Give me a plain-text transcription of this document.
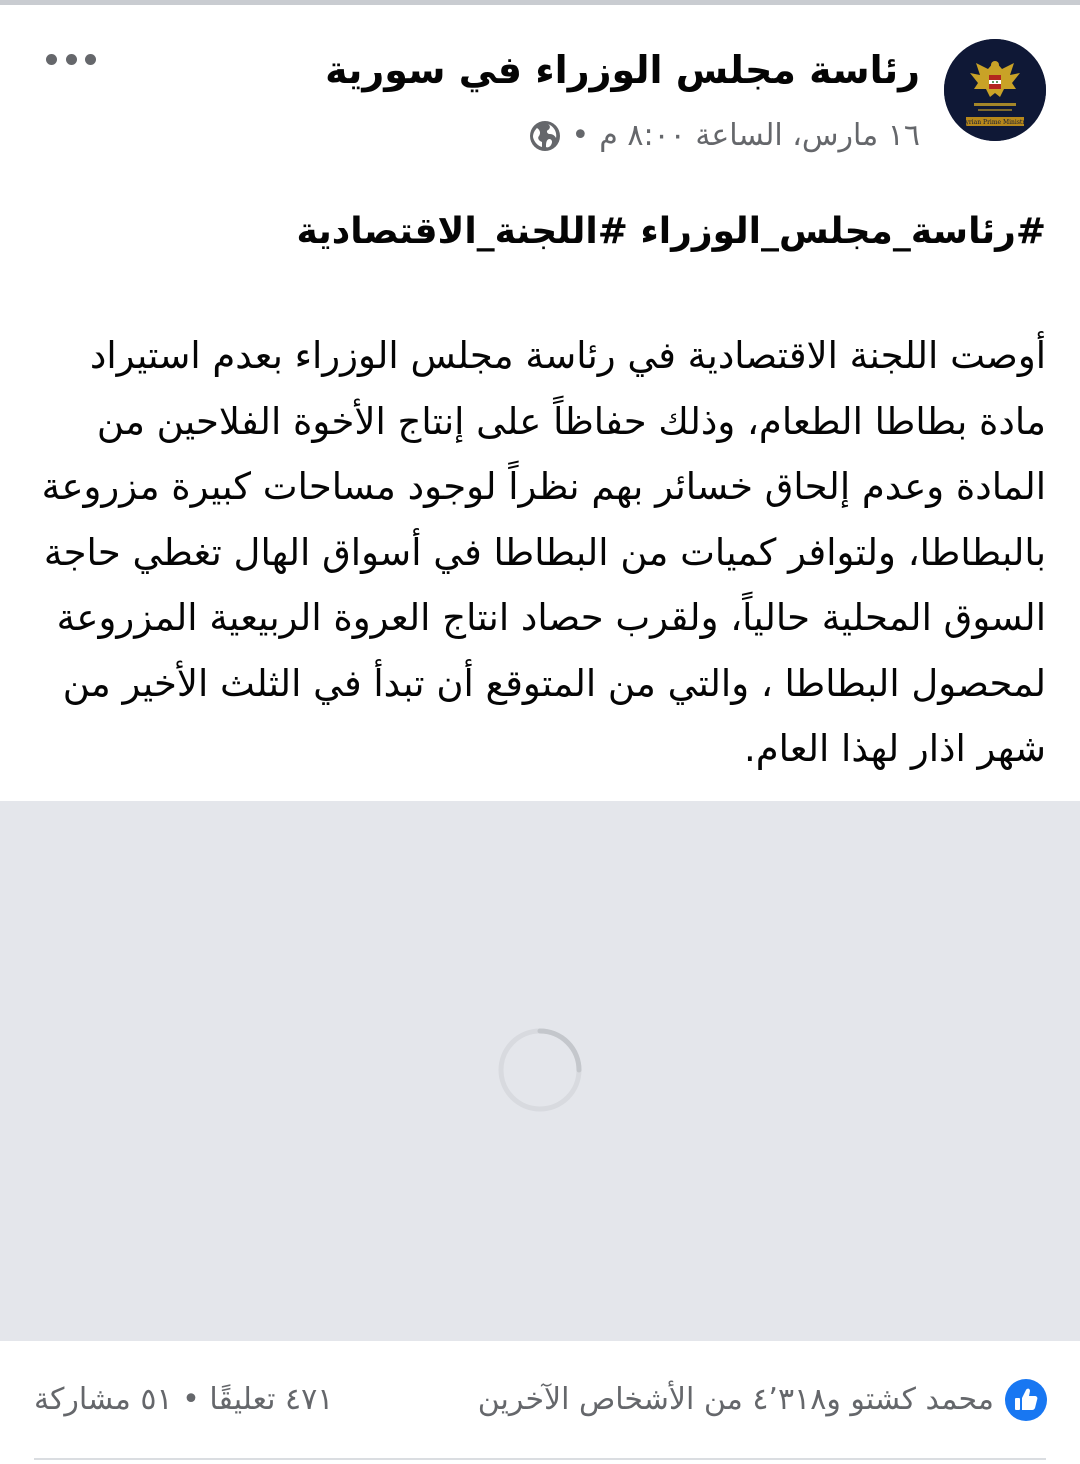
Syrian Prime Ministry
رئاسة مجلس الوزراء في سورية
١٦ مارس، الساعة ٨:٠٠ م
•
#رئاسة_مجلس_الوزراء #اللجنة_الاقتصادية
أوصت اللجنة الاقتصادية في رئاسة مجلس الوزراء بعدم استيراد مادة بطاطا الطعام، وذلك حفاظاً على إنتاج الأخوة الفلاحين من المادة وعدم إلحاق خسائر بهم نظراً لوجود مساحات كبيرة مزروعة بالبطاطا، ولتوافر كميات من البطاطا في أسواق الهال تغطي حاجة السوق المحلية حالياً، ولقرب حصاد انتاج العروة الربيعية المزروعة لمحصول البطاطا ، والتي من المتوقع أن تبدأ في الثلث الأخير من شهر اذار لهذا العام.
محمد كشتو و٤٬٣١٨ من الأشخاص الآخرين
٤٧١ تعليقًا • ٥١ مشاركة
